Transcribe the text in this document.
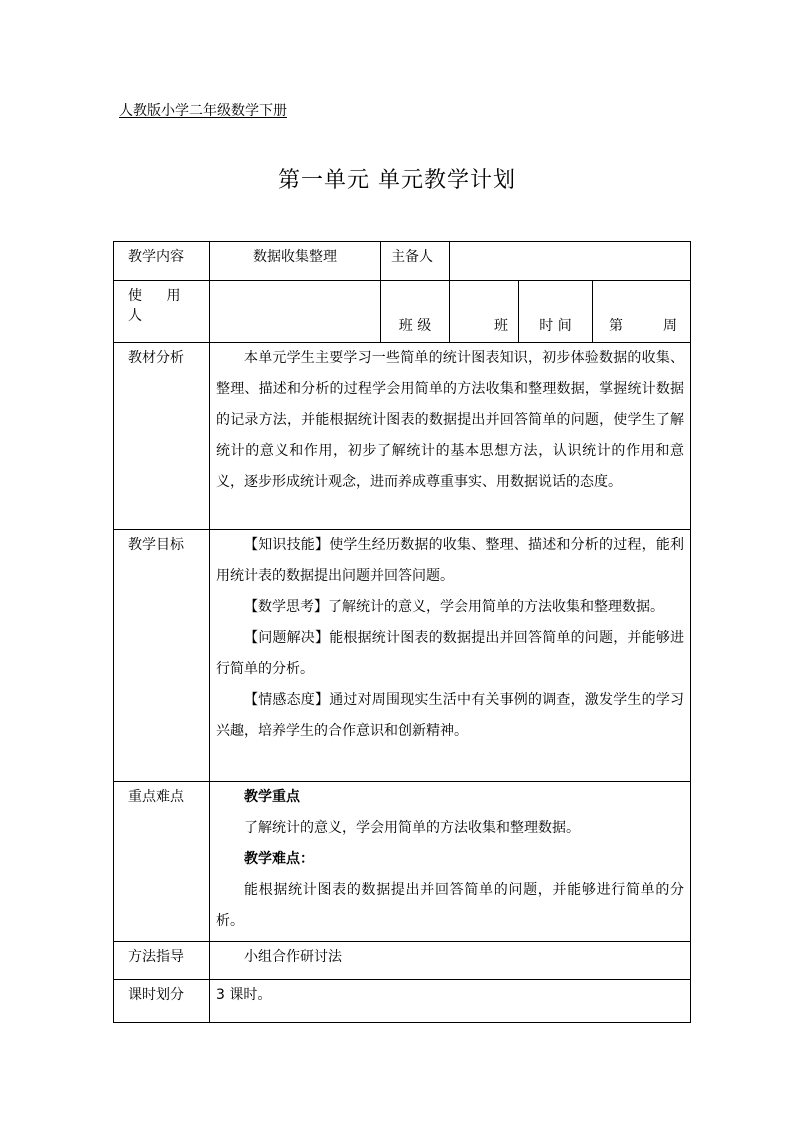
人教版小学二年级数学下册
第一单元 单元教学计划
教学内容	数据收集整理	主备人			
使 用 人		班 级	班	时 间	第 周
教材分析	本单元学生主要学习一些简单的统计图表知识，初步体验数据的收集、整理、描述和分析的过程学会用简单的方法收集和整理数据，掌握统计数据的记录方法，并能根据统计图表的数据提出并回答简单的问题，使学生了解统计的意义和作用，初步了解统计的基本思想方法，认识统计的作用和意义，逐步形成统计观念，进而养成尊重事实、用数据说话的态度。				

教学目标	【知识技能】使学生经历数据的收集、整理、描述和分析的过程，能利用统计表的数据提出问题并回答问题。
【数学思考】了解统计的意义，学会用简单的方法收集和整理数据。
【问题解决】能根据统计图表的数据提出并回答简单的问题，并能够进行简单的分析。
【情感态度】通过对周围现实生活中有关事例的调查，激发学生的学习兴趣，培养学生的合作意识和创新精神。				

重点难点	教学重点
了解统计的意义，学会用简单的方法收集和整理数据。
教学难点：
能根据统计图表的数据提出并回答简单的问题，并能够进行简单的分析。				

方法指导	小组合作研讨法				
课时划分	3 课时。				
